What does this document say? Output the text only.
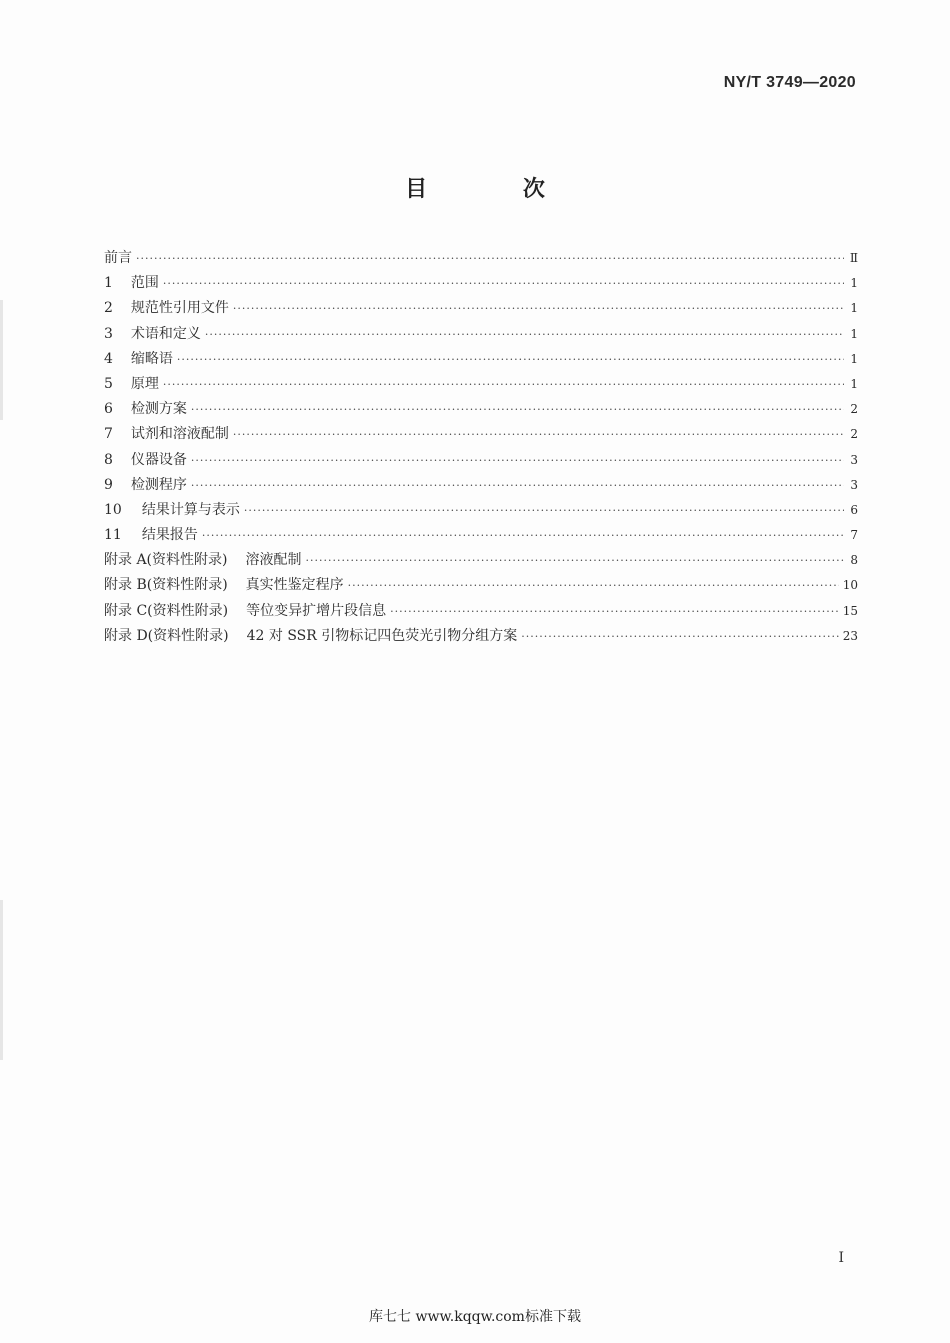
NY/T 3749—2020
目 次
前言 ·····	Ⅱ
1 范围 ·····	1
2 规范性引用文件 ·····	1
3 术语和定义 ·····	1
4 缩略语 ·····	1
5 原理 ·····	1
6 检测方案 ·····	2
7 试剂和溶液配制 ·····	2
8 仪器设备 ·····	3
9 检测程序 ·····	3
10 结果计算与表示 ·····	6
11 结果报告 ·····	7
附录 A(资料性附录) 溶液配制 ·····	8
附录 B(资料性附录) 真实性鉴定程序 ·····	10
附录 C(资料性附录) 等位变异扩增片段信息 ·····	15
附录 D(资料性附录) 42 对 SSR 引物标记四色荧光引物分组方案 ·····	23
I
库七七 www.kqqw.com标准下载
